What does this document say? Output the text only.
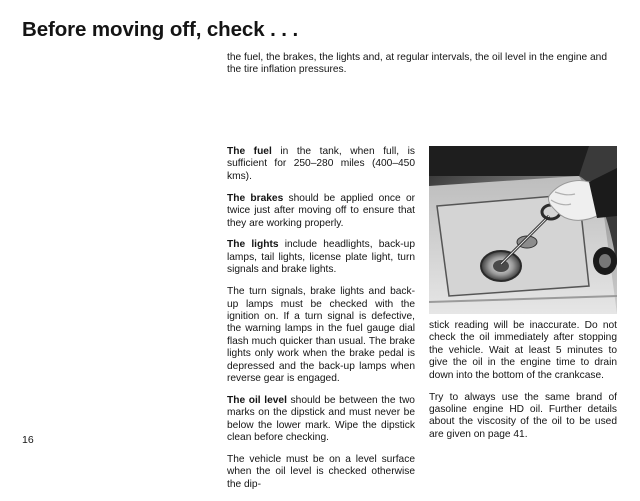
Before moving off, check . . .

the fuel, the brakes, the lights and, at regular intervals, the oil level in the engine and the tire inflation pressures.

The fuel in the tank, when full, is sufficient for 250–280 miles (400–450 kms).

The brakes should be applied once or twice just after moving off to ensure that they are working properly.

The lights include headlights, back-up lamps, tail lights, license plate light, turn signals and brake lights.

The turn signals, brake lights and back-up lamps must be checked with the ignition on. If a turn signal is defective, the warning lamps in the fuel gauge dial flash much quicker than usual. The brake lights only work when the brake pedal is depressed and the back-up lamps when reverse gear is engaged.

The oil level should be between the two marks on the dipstick and must never be below the lower mark. Wipe the dipstick clean before checking.

The vehicle must be on a level surface when the oil level is checked otherwise the dip-

stick reading will be inaccurate. Do not check the oil immediately after stopping the vehicle. Wait at least 5 minutes to give the oil in the engine time to drain down into the bottom of the crankcase.

Try to always use the same brand of gasoline engine HD oil. Further details about the viscosity of the oil to be used are given on page 41.

16
